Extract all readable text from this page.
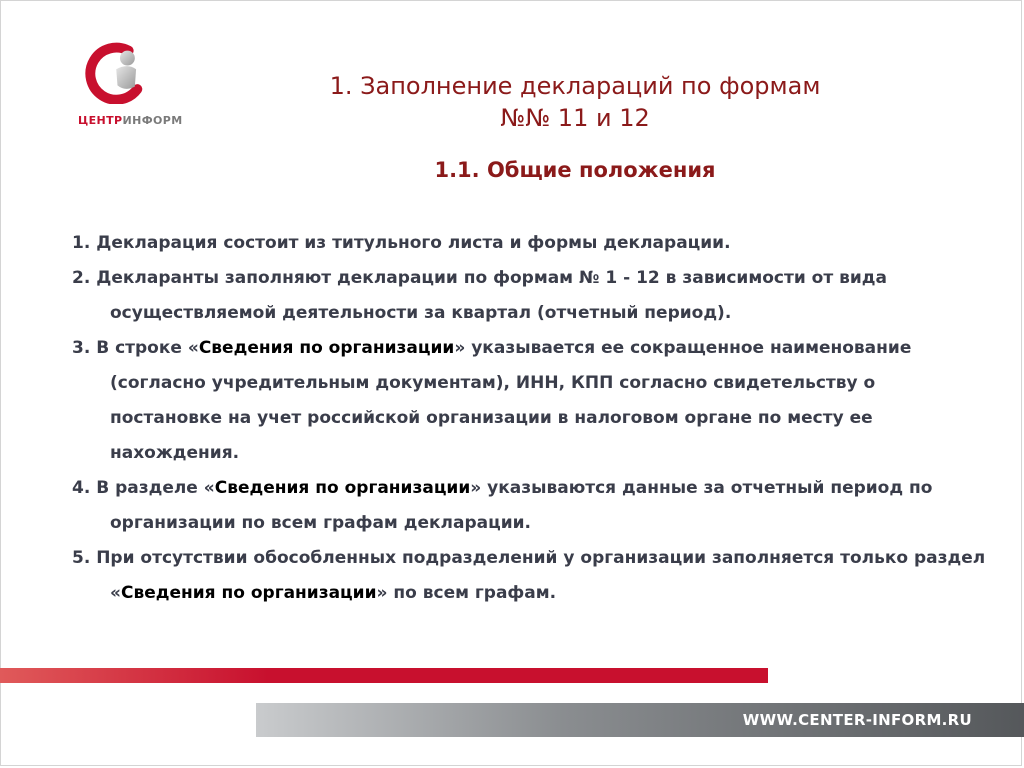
ЦЕНТРИНФОРМ
1. Заполнение деклараций по формам
№№ 11 и 12
1.1. Общие положения
1. Декларация состоит из титульного листа и формы декларации.
2. Декларанты заполняют декларации по формам № 1 - 12 в зависимости от вида осуществляемой деятельности за квартал (отчетный период).
3. В строке «Сведения по организации» указывается ее сокращенное наименование (согласно учредительным документам), ИНН, КПП согласно свидетельству о постановке на учет российской организации в налоговом органе по месту ее нахождения.
4. В разделе «Сведения по организации» указываются данные за отчетный период по организации по всем графам декларации.
5. При отсутствии обособленных подразделений у организации заполняется только раздел «Сведения по организации» по всем графам.
WWW.CENTER-INFORM.RU
